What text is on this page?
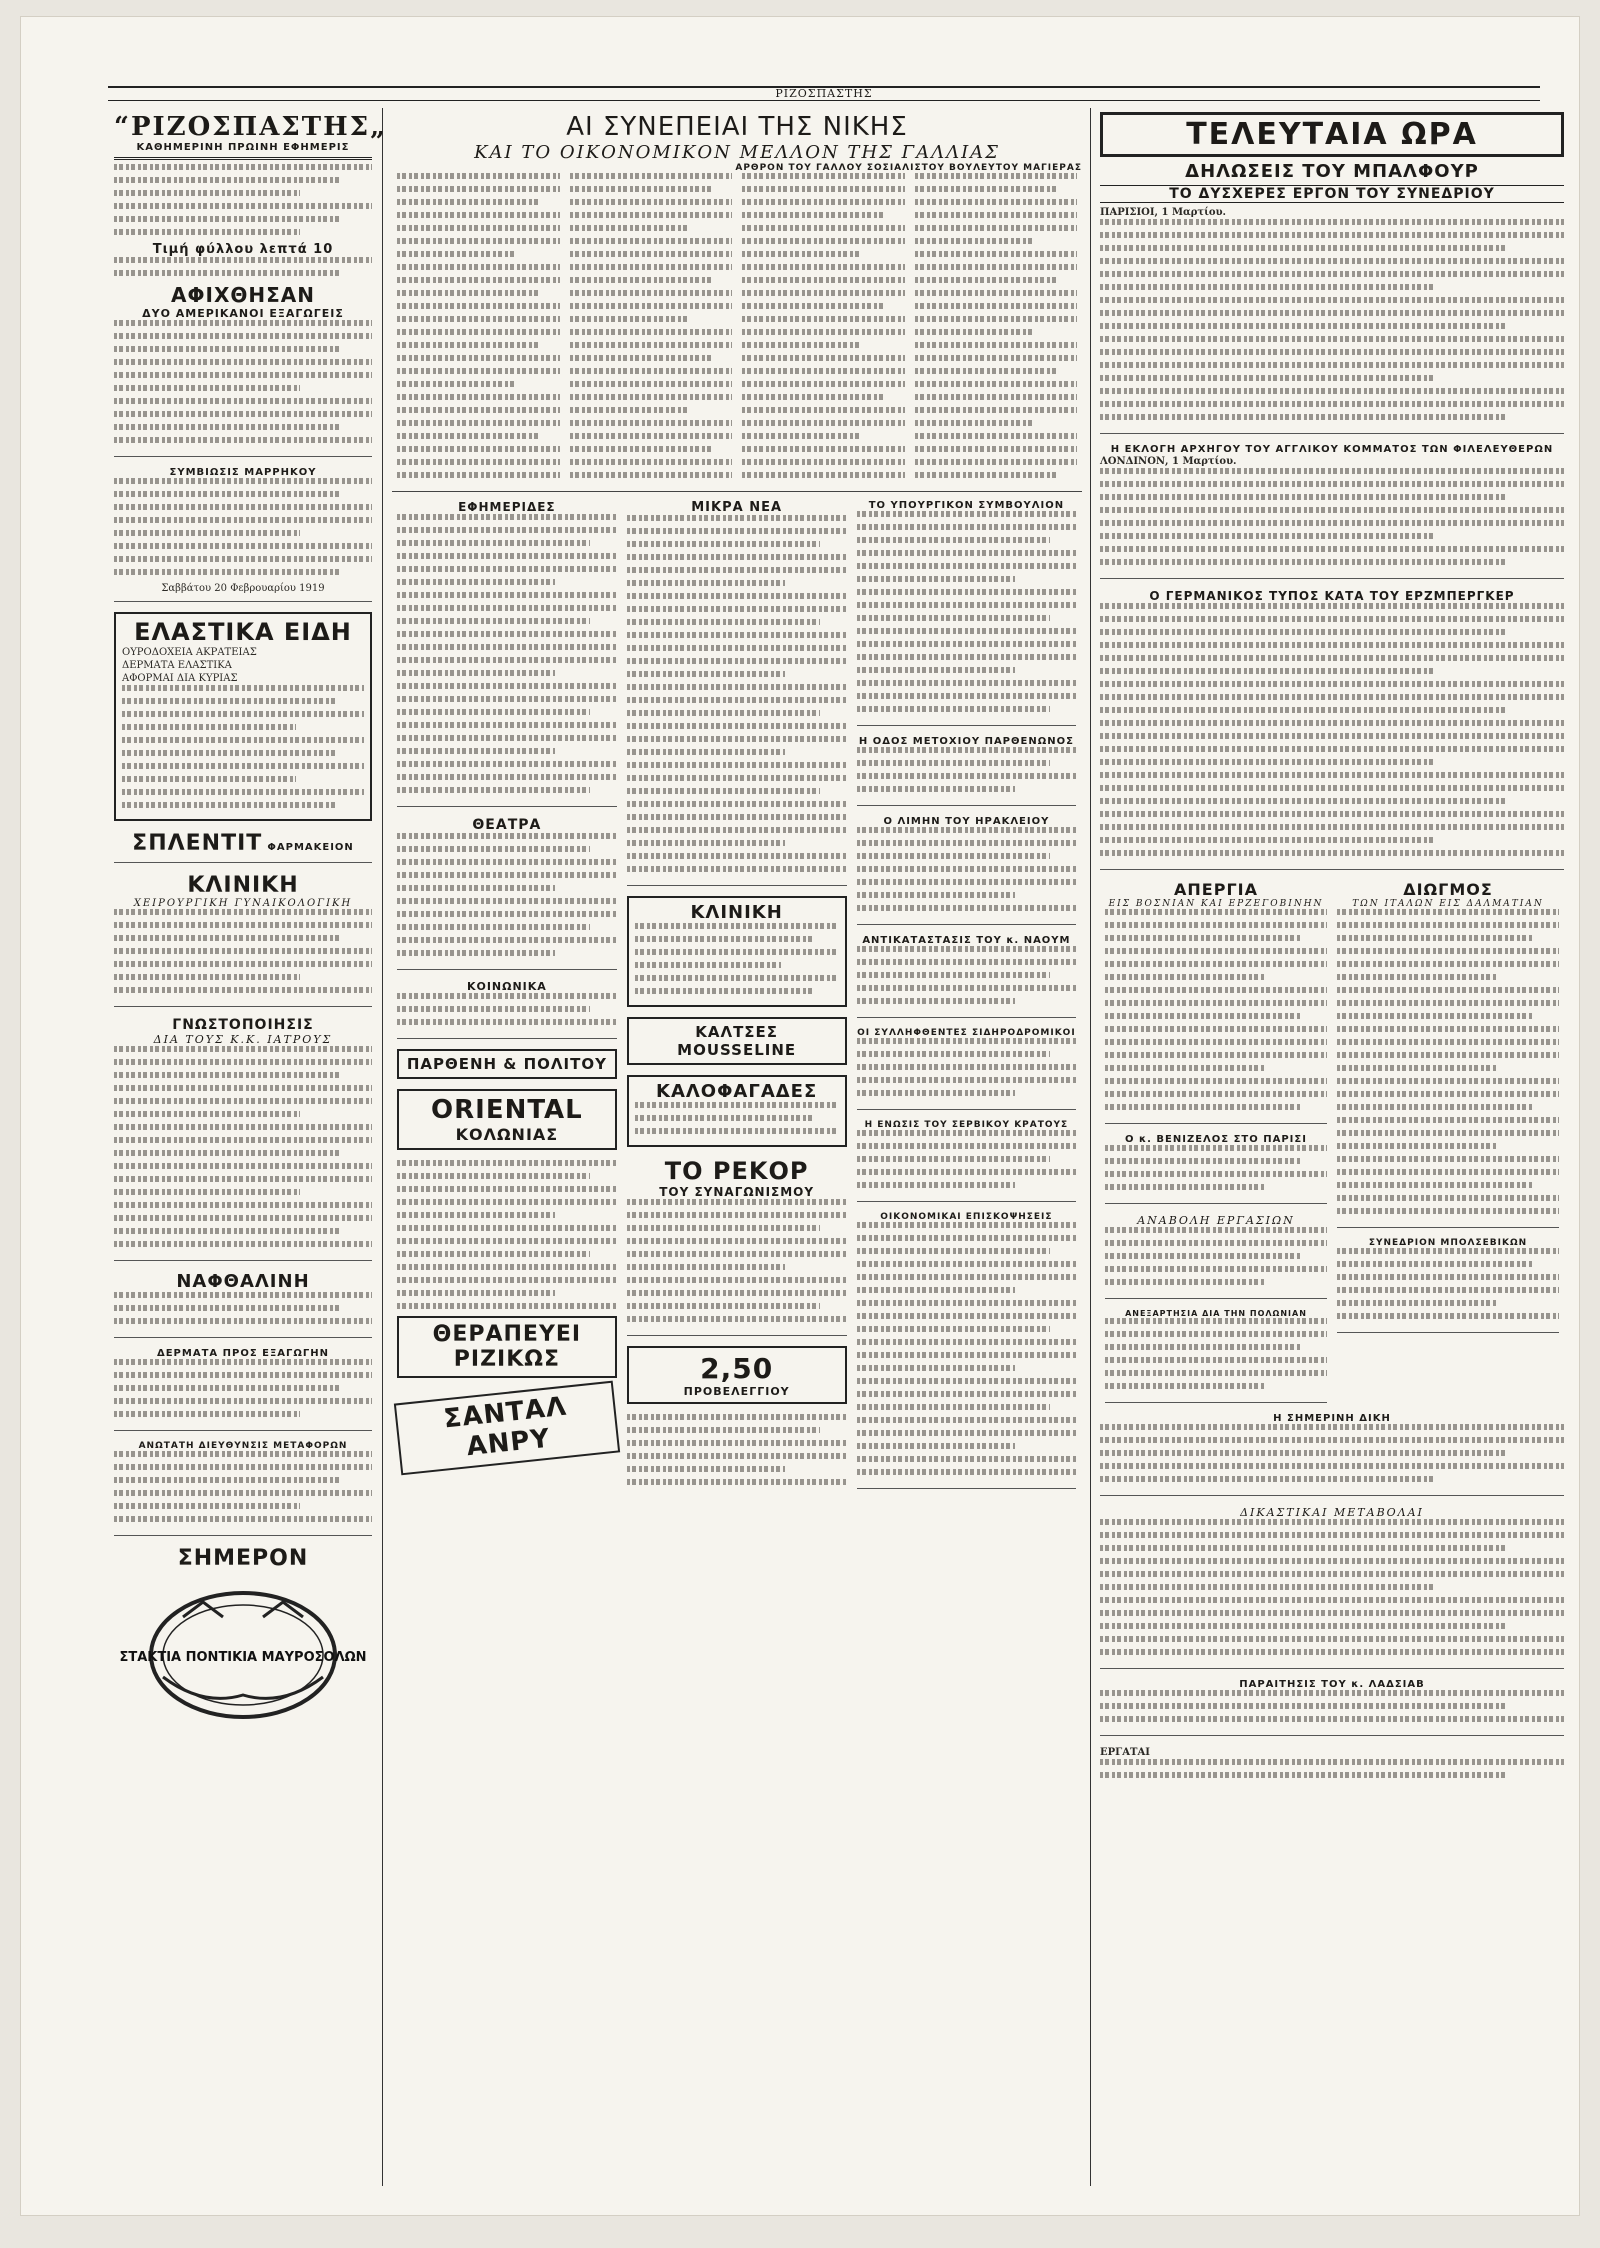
ΡΙΖΟΣΠΑΣΤΗΣ
“ΡΙΖΟΣΠΑΣΤΗΣ„
ΚΑΘΗΜΕΡΙΝΗ ΠΡΩΙΝΗ ΕΦΗΜΕΡΙΣ
Τιμή φύλλου λεπτά 10
ΑΦΙΧΘΗΣΑΝ
ΔΥΟ ΑΜΕΡΙΚΑΝΟΙ ΕΞΑΓΩΓΕΙΣ
ΣΥΜΒΙΩΣΙΣ ΜΑΡΡΗΚΟΥ
Σαββάτου 20 Φεβρουαρίου 1919
ΕΛΑΣΤΙΚΑ ΕΙΔΗ
ΟΥΡΟΔΟΧΕΙΑ ΑΚΡΑΤΕΙΑΣ
ΔΕΡΜΑΤΑ ΕΛΑΣΤΙΚΑ
ΑΦΟΡΜΑΙ ΔΙΑ ΚΥΡΙΑΣ
ΣΠΛΕΝΤΙΤ ΦΑΡΜΑΚΕΙΟΝ
ΚΛΙΝΙΚΗ
ΧΕΙΡΟΥΡΓΙΚΗ ΓΥΝΑΙΚΟΛΟΓΙΚΗ
ΓΝΩΣΤΟΠΟΙΗΣΙΣ
ΔΙΑ ΤΟΥΣ Κ.Κ. ΙΑΤΡΟΥΣ
ΝΑΦΘΑΛΙΝΗ
ΔΕΡΜΑΤΑ ΠΡΟΣ ΕΞΑΓΩΓΗΝ
ΑΝΩΤΑΤΗ ΔΙΕΥΘΥΝΣΙΣ ΜΕΤΑΦΟΡΩΝ
ΣΗΜΕΡΟΝ
ΣΤΑΚΤΙΑ ΠΟΝΤΙΚΙΑ ΜΑΥΡΟΣΟΛΩΝ
ΑΙ ΣΥΝΕΠΕΙΑΙ ΤΗΣ ΝΙΚΗΣ
ΚΑΙ ΤΟ ΟΙΚΟΝΟΜΙΚΟΝ ΜΕΛΛΟΝ ΤΗΣ ΓΑΛΛΙΑΣ
ΑΡΘΡΟΝ ΤΟΥ ΓΑΛΛΟΥ ΣΟΣΙΑΛΙΣΤΟΥ ΒΟΥΛΕΥΤΟΥ ΜΑΓΙΕΡΑΣ
ΕΦΗΜΕΡΙΔΕΣ
ΘΕΑΤΡΑ
ΚΟΙΝΩΝΙΚΑ
ΠΑΡΘΕΝΗ & ΠΟΛΙΤΟΥ
ORIENTAL
ΚΟΛΩΝΙΑΣ
ΘΕΡΑΠΕΥΕΙ ΡΙΖΙΚΩΣ
ΣΑΝΤΑΛ ΑΝΡΥ
ΜΙΚΡΑ ΝΕΑ
ΚΛΙΝΙΚΗ
ΚΑΛΤΣΕΣ MOUSSELINE
ΚΑΛΟΦΑΓΑΔΕΣ
ΤΟ ΡΕΚΟΡ
ΤΟΥ ΣΥΝΑΓΩΝΙΣΜΟΥ
2,50
ΠΡΟΒΕΛΕΓΓΙΟΥ
ΤΟ ΥΠΟΥΡΓΙΚΟΝ ΣΥΜΒΟΥΛΙΟΝ
Η ΟΔΟΣ ΜΕΤΟΧΙΟΥ ΠΑΡΘΕΝΩΝΟΣ
Ο ΛΙΜΗΝ ΤΟΥ ΗΡΑΚΛΕΙΟΥ
ΑΝΤΙΚΑΤΑΣΤΑΣΙΣ ΤΟΥ κ. ΝΑΟΥΜ
ΟΙ ΣΥΛΛΗΦΘΕΝΤΕΣ ΣΙΔΗΡΟΔΡΟΜΙΚΟΙ
Η ΕΝΩΣΙΣ ΤΟΥ ΣΕΡΒΙΚΟΥ ΚΡΑΤΟΥΣ
ΟΙΚΟΝΟΜΙΚΑΙ ΕΠΙΣΚΟΨΗΣΕΙΣ
ΤΕΛΕΥΤΑΙΑ ΩΡΑ
ΔΗΛΩΣΕΙΣ ΤΟΥ ΜΠΑΛΦΟΥΡ
ΤΟ ΔΥΣΧΕΡΕΣ ΕΡΓΟΝ ΤΟΥ ΣΥΝΕΔΡΙΟΥ
ΠΑΡΙΣΙΟΙ, 1 Μαρτίου.
Η ΕΚΛΟΓΗ ΑΡΧΗΓΟΥ ΤΟΥ ΑΓΓΛΙΚΟΥ ΚΟΜΜΑΤΟΣ ΤΩΝ ΦΙΛΕΛΕΥΘΕΡΩΝ
ΛΟΝΔΙΝΟΝ, 1 Μαρτίου.
Ο ΓΕΡΜΑΝΙΚΟΣ ΤΥΠΟΣ ΚΑΤΑ ΤΟΥ ΕΡΖΜΠΕΡΓΚΕΡ
ΑΠΕΡΓΙΑ
ΕΙΣ ΒΟΣΝΙΑΝ ΚΑΙ ΕΡΖΕΓΟΒΙΝΗΝ
Ο κ. ΒΕΝΙΖΕΛΟΣ ΣΤΟ ΠΑΡΙΣΙ
ΑΝΑΒΟΛΗ ΕΡΓΑΣΙΩΝ
ΑΝΕΞΑΡΤΗΣΙΑ ΔΙΑ ΤΗΝ ΠΟΛΩΝΙΑΝ
ΔΙΩΓΜΟΣ
ΤΩΝ ΙΤΑΛΩΝ ΕΙΣ ΔΑΛΜΑΤΙΑΝ
ΣΥΝΕΔΡΙΟΝ ΜΠΟΛΣΕΒΙΚΩΝ
Η ΣΗΜΕΡΙΝΗ ΔΙΚΗ
ΔΙΚΑΣΤΙΚΑΙ ΜΕΤΑΒΟΛΑΙ
ΠΑΡΑΙΤΗΣΙΣ ΤΟΥ κ. ΛΑΔΣΙΑΒ
ΕΡΓΑΤΑΙ
